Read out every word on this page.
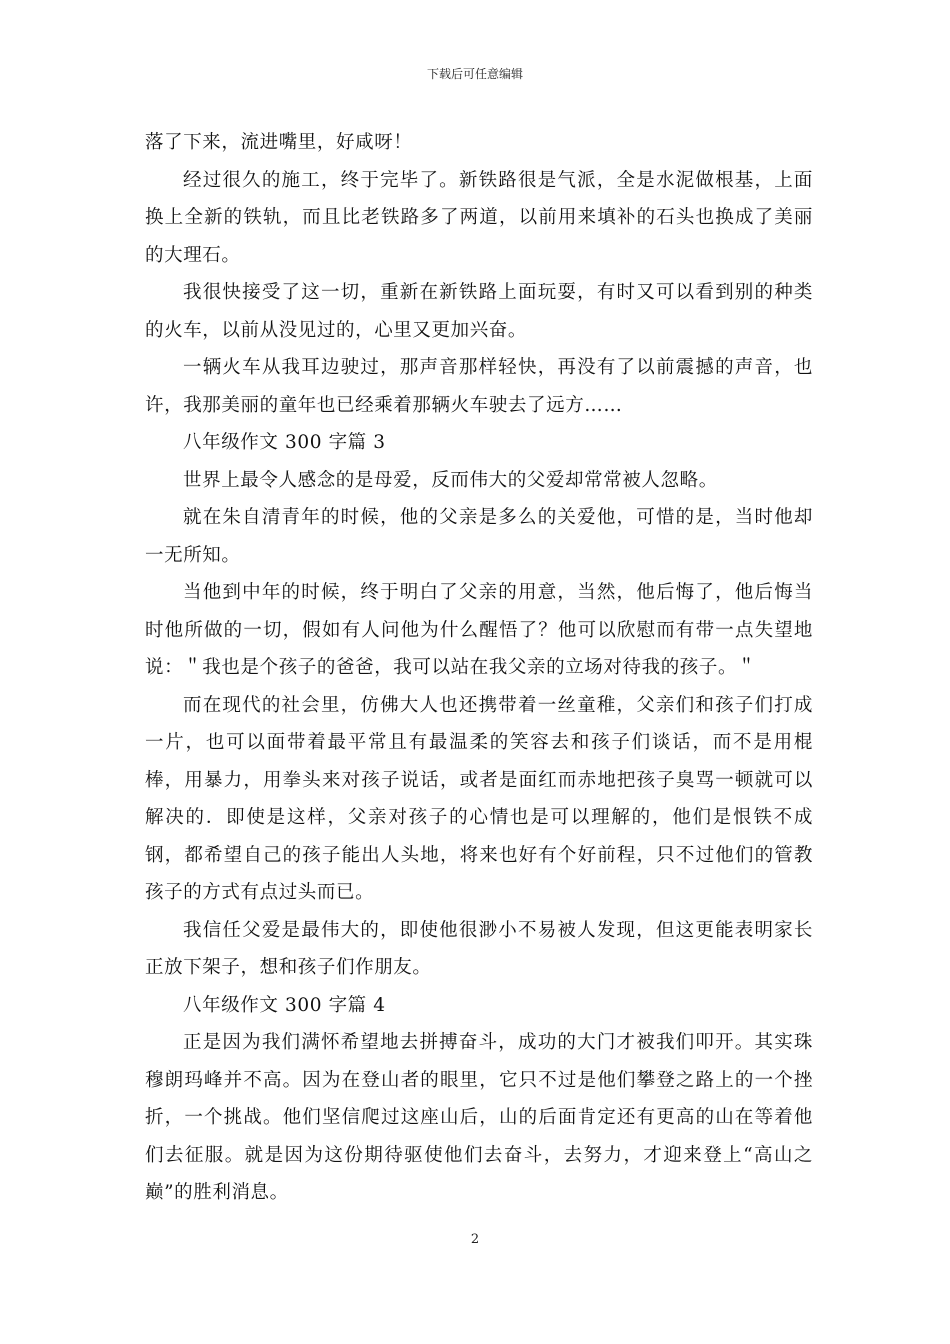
下载后可任意编辑

落了下来，流进嘴里，好咸呀！

经过很久的施工，终于完毕了。新铁路很是气派，全是水泥做根基，上面换上全新的铁轨，而且比老铁路多了两道，以前用来填补的石头也换成了美丽的大理石。

我很快接受了这一切，重新在新铁路上面玩耍，有时又可以看到别的种类的火车，以前从没见过的，心里又更加兴奋。

一辆火车从我耳边驶过，那声音那样轻快，再没有了以前震撼的声音，也许，我那美丽的童年也已经乘着那辆火车驶去了远方……

八年级作文 300 字篇 3

世界上最令人感念的是母爱，反而伟大的父爱却常常被人忽略。

就在朱自清青年的时候，他的父亲是多么的关爱他，可惜的是，当时他却一无所知。

当他到中年的时候，终于明白了父亲的用意，当然，他后悔了，他后悔当时他所做的一切，假如有人问他为什么醒悟了？他可以欣慰而有带一点失望地说：＂我也是个孩子的爸爸，我可以站在我父亲的立场对待我的孩子。＂

而在现代的社会里，仿佛大人也还携带着一丝童稚，父亲们和孩子们打成一片，也可以面带着最平常且有最温柔的笑容去和孩子们谈话，而不是用棍棒，用暴力，用拳头来对孩子说话，或者是面红而赤地把孩子臭骂一顿就可以解决的．即使是这样，父亲对孩子的心情也是可以理解的，他们是恨铁不成钢，都希望自己的孩子能出人头地，将来也好有个好前程，只不过他们的管教孩子的方式有点过头而已。

我信任父爱是最伟大的，即使他很渺小不易被人发现，但这更能表明家长正放下架子，想和孩子们作朋友。

八年级作文 300 字篇 4

正是因为我们满怀希望地去拼搏奋斗，成功的大门才被我们叩开。其实珠穆朗玛峰并不高。因为在登山者的眼里，它只不过是他们攀登之路上的一个挫折，一个挑战。他们坚信爬过这座山后，山的后面肯定还有更高的山在等着他们去征服。就是因为这份期待驱使他们去奋斗，去努力，才迎来登上“高山之巅”的胜利消息。

2
